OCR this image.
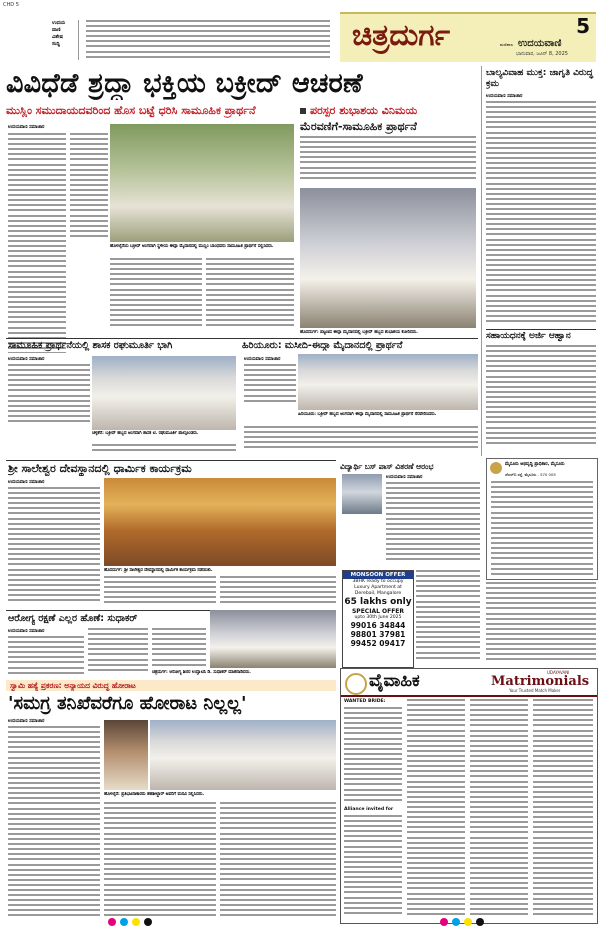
CHD 5
ಉದಯ
ವಾಣಿ
ವಿಶೇಷ
ಸುದ್ದಿ	ಚಿತ್ರದುರ್ಗ	5
ಮಣಿಪಾಲ ಉದಯವಾಣಿ
ಭಾನುವಾರ, ಜೂನ್ 8, 2025
ವಿವಿಧೆಡೆ ಶ್ರದ್ಧಾ ಭಕ್ತಿಯ ಬಕ್ರೀದ್ ಆಚರಣೆ
ಮುಸ್ಲಿಂ ಸಮುದಾಯದವರಿಂದ ಹೊಸ ಬಟ್ಟೆ ಧರಿಸಿ ಸಾಮೂಹಿಕ ಪ್ರಾರ್ಥನೆ	ಪರಸ್ಪರ ಶುಭಾಶಯ ವಿನಿಮಯ
ಮೆರವಣಿಗೆ-ಸಾಮೂಹಿಕ ಪ್ರಾರ್ಥನೆ
ಉದಯವಾಣಿ ಸಮಾಚಾರ
ಹೊಳಲ್ಕೆರೆಯ ಬಕ್ರೀದ್ ಅಂಗವಾಗಿ ಸ್ಥಳೀಯ ಈದ್ಗಾ ಮೈದಾನದಲ್ಲಿ ಮುಸ್ಲಿಂ ಬಾಂಧವರು ಸಾಮೂಹಿಕ ಪ್ರಾರ್ಥನೆ ಸಲ್ಲಿಸಿದರು.
ಹೊಸದುರ್ಗ: ಪಟ್ಟಣದ ಈದ್ಗಾ ಮೈದಾನದಲ್ಲಿ ಬಕ್ರೀದ್ ಹಬ್ಬದ ಶುಭಾಶಯ ಕೋರಿದರು.
ಬಾಲ್ಯವಿವಾಹ ಮುಕ್ತ: ಜಾಗೃತಿ ವಿರುದ್ಧ ಕ್ರಮ
ಉದಯವಾಣಿ ಸಮಾಚಾರ
ಸಹಾಯಧನಕ್ಕೆ ಅರ್ಜಿ ಆಹ್ವಾನ
ಸಾಮೂಹಿಕ ಪ್ರಾರ್ಥನೆಯಲ್ಲಿ ಶಾಸಕ ರಘುಮೂರ್ತಿ ಭಾಗಿ
ಉದಯವಾಣಿ ಸಮಾಚಾರ
ಚಳ್ಳಕೆರೆ: ಬಕ್ರೀದ್ ಹಬ್ಬದ ಅಂಗವಾಗಿ ಶಾಸಕ ಟಿ. ರಘುಮೂರ್ತಿ ಪಾಲ್ಗೊಂಡರು.
ಹಿರಿಯೂರು: ಮಸೀದಿ-ಈದ್ಗಾ ಮೈದಾನದಲ್ಲಿ ಪ್ರಾರ್ಥನೆ
ಉದಯವಾಣಿ ಸಮಾಚಾರ
ಹಿರಿಯೂರು: ಬಕ್ರೀದ್ ಹಬ್ಬದ ಅಂಗವಾಗಿ ಈದ್ಗಾ ಮೈದಾನದಲ್ಲಿ ಸಾಮೂಹಿಕ ಪ್ರಾರ್ಥನೆ ನೆರವೇರಿಸಿದರು.
ಮೈಸೂರು ಅಭಿವೃದ್ಧಿ ಪ್ರಾಧಿಕಾರ, ಮೈಸೂರು
ಜೆಎಲ್‌ಬಿ ರಸ್ತೆ, ಮೈಸೂರು - 570 005
ಶ್ರೀ ಸಾಲೇಶ್ವರ ದೇವಸ್ಥಾನದಲ್ಲಿ ಧಾರ್ಮಿಕ ಕಾರ್ಯಕ್ರಮ
ಉದಯವಾಣಿ ಸಮಾಚಾರ
ಹೊಸದುರ್ಗ: ಶ್ರೀ ಸಾಲೇಶ್ವರ ದೇವಸ್ಥಾನದಲ್ಲಿ ಧಾರ್ಮಿಕ ಕಾರ್ಯಕ್ರಮ ನಡೆಯಿತು.
ವಿದ್ಯಾರ್ಥಿ ಬಸ್ ಪಾಸ್ ವಿತರಣೆ ಆರಂಭ
ಉದಯವಾಣಿ ಸಮಾಚಾರ
MONSOON OFFER
3BHK ready to occupy
Luxury Apartment at
Derebail, Mangalore
65 lakhs only
SPECIAL OFFER
upto 30th June 2025
99016 34844
98801 37981
99452 09417
ಆರೋಗ್ಯ ರಕ್ಷಣೆ ಎಲ್ಲರ ಹೊಣೆ: ಸುಧಾಕರ್
ಉದಯವಾಣಿ ಸಮಾಚಾರ
ಚಿತ್ರದುರ್ಗ: ಆರೋಗ್ಯ ಶಿಬಿರ ಉದ್ಘಾಟಿಸಿ ಡಿ. ಸುಧಾಕರ್ ಮಾತನಾಡಿದರು.
ಸ್ವಾಮಿ ಹತ್ಯೆ ಪ್ರಕರಣ: ಅನ್ಯಾಯದ ವಿರುದ್ಧ ಹೋರಾಟ
'ಸಮಗ್ರ ತನಿಖೆವರೆಗೂ ಹೋರಾಟ ನಿಲ್ಲಲ್ಲ'
ಉದಯವಾಣಿ ಸಮಾಚಾರ
ಹೊಳಲ್ಕೆರೆ: ಪ್ರತಿಭಟನಾಕಾರರು ತಹಶೀಲ್ದಾರ್ ಅವರಿಗೆ ಮನವಿ ಸಲ್ಲಿಸಿದರು.
ವೈವಾಹಿಕ	UDAYAVANI
Matrimonials
Your Trusted Match Maker
WANTED BRIDE:
Alliance invited for
